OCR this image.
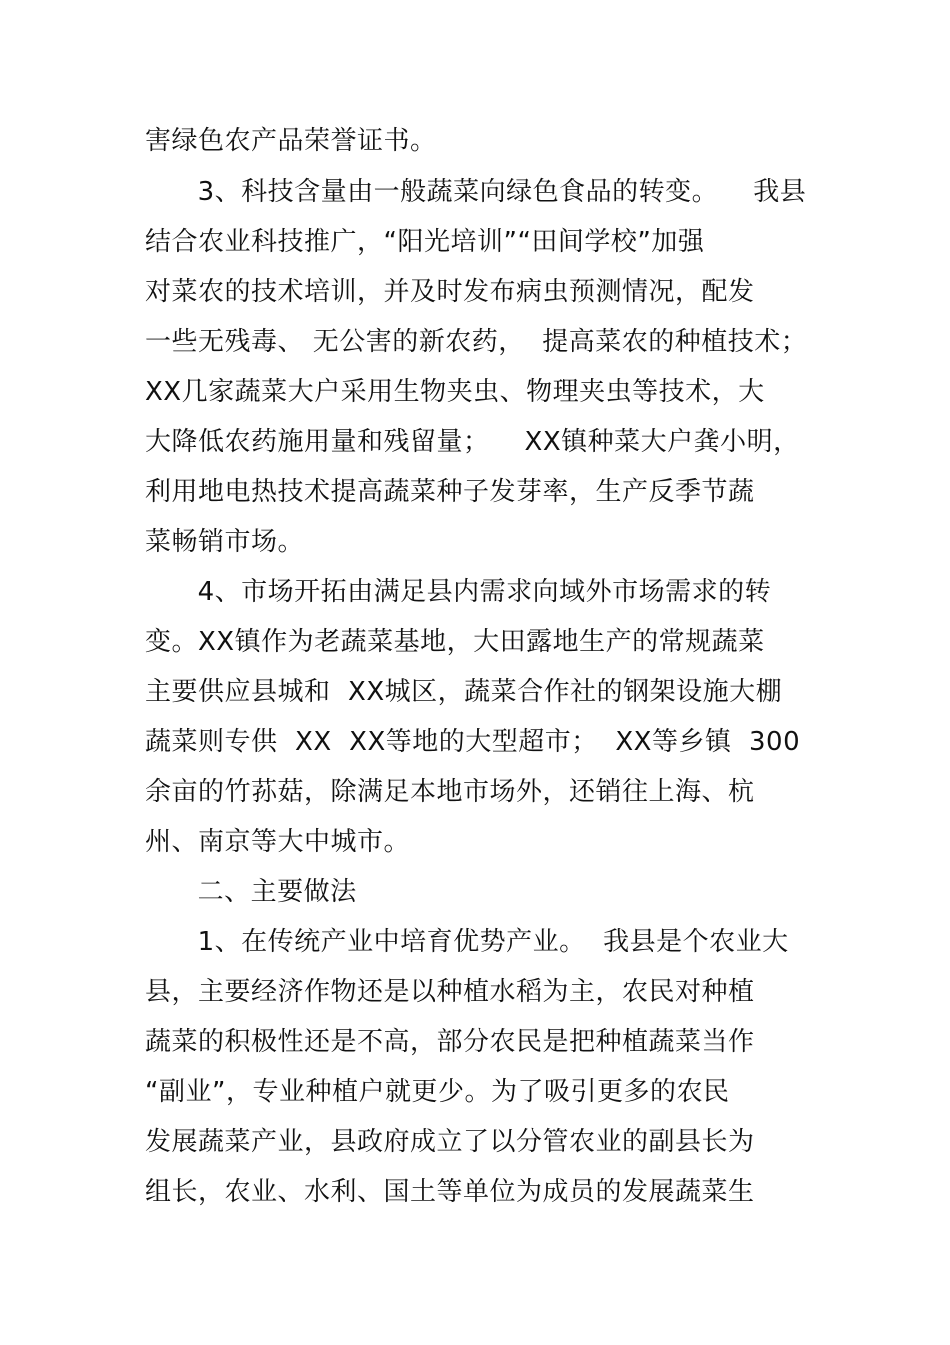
害绿色农产品荣誉证书。
3、科技含量由一般蔬菜向绿色食品的转变。    我县
结合农业科技推广，“阳光培训”“田间学校”加强
对菜农的技术培训，并及时发布病虫预测情况，配发
一些无残毒、 无公害的新农药，  提高菜农的种植技术；
XX几家蔬菜大户采用生物夹虫、物理夹虫等技术，大
大降低农药施用量和残留量；    XX镇种菜大户龚小明，
利用地电热技术提高蔬菜种子发芽率，生产反季节蔬
菜畅销市场。
4、市场开拓由满足县内需求向域外市场需求的转
变。XX镇作为老蔬菜基地，大田露地生产的常规蔬菜
主要供应县城和  XX城区，蔬菜合作社的钢架设施大棚
蔬菜则专供  XX  XX等地的大型超市；  XX等乡镇  300
余亩的竹荪菇，除满足本地市场外，还销往上海、杭
州、南京等大中城市。
二、主要做法
1、在传统产业中培育优势产业。  我县是个农业大
县，主要经济作物还是以种植水稻为主，农民对种植
蔬菜的积极性还是不高，部分农民是把种植蔬菜当作
“副业”，专业种植户就更少。为了吸引更多的农民
发展蔬菜产业，县政府成立了以分管农业的副县长为
组长，农业、水利、国土等单位为成员的发展蔬菜生
